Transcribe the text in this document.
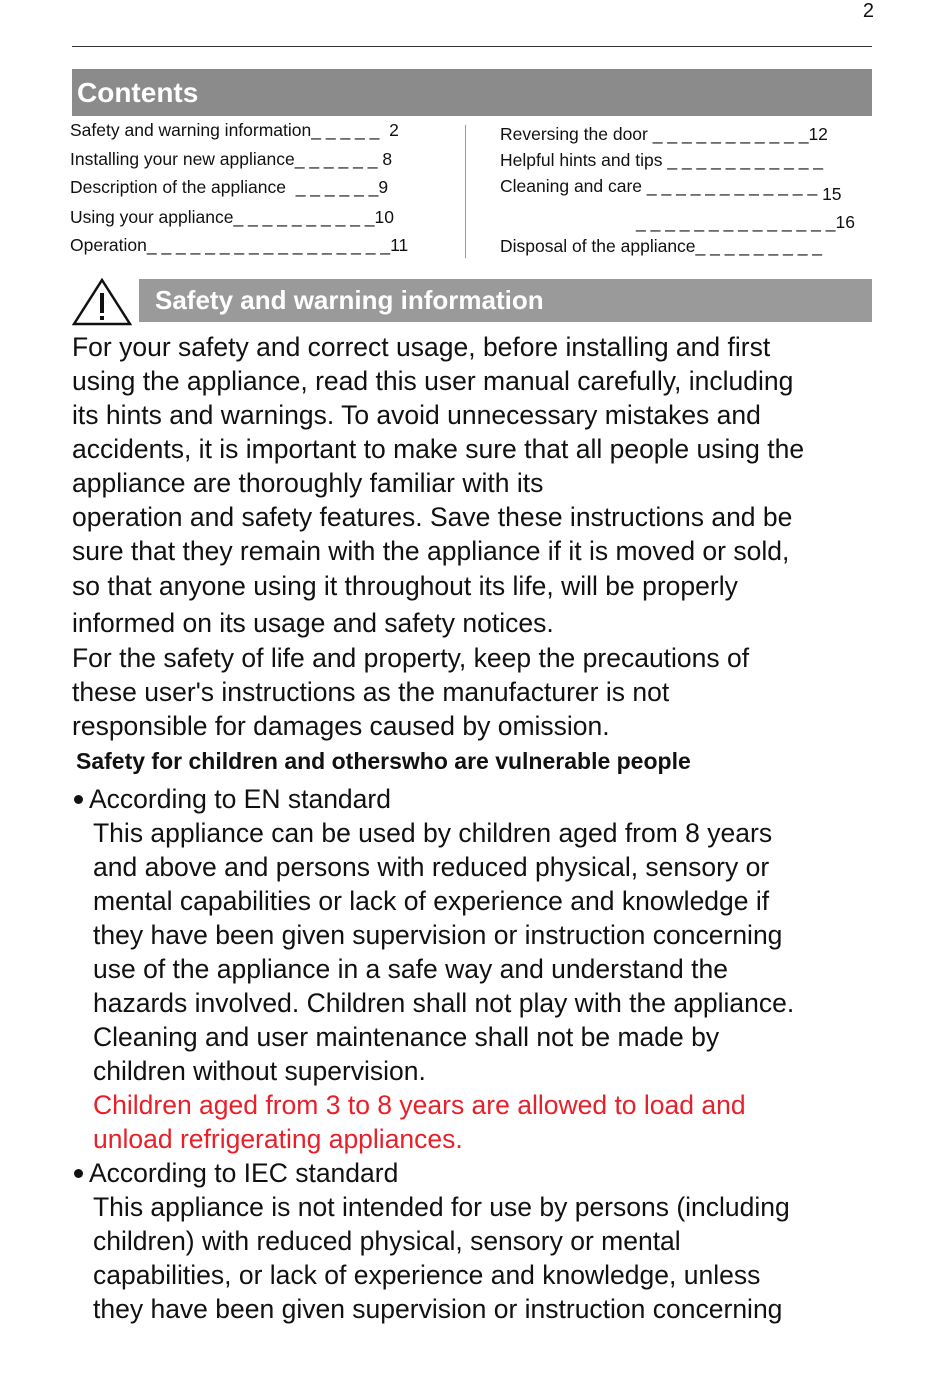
2
Contents
Safety and warning information_ _ _ _ _ 2
Installing your new appliance_ _ _ _ _ _ 8
Description of the appliance _ _ _ _ _ _9
Using your appliance_ _ _ _ _ _ _ _ _ _10
Operation_ _ _ _ _ _ _ _ _ _ _ _ _ _ _ _ _11
Reversing the door _ _ _ _ _ _ _ _ _ _ _12
Helpful hints and tips _ _ _ _ _ _ _ _ _ _ _
Cleaning and care _ _ _ _ _ _ _ _ _ _ _ _ 15
_ _ _ _ _ _ _ _ _ _ _ _ _ _16
Disposal of the appliance_ _ _ _ _ _ _ _ _
Safety and warning information
For your safety and correct usage, before installing and first
using the appliance, read this user manual carefully, including
its hints and warnings. To avoid unnecessary mistakes and
accidents, it is important to make sure that all people using the
appliance are thoroughly familiar with its
operation and safety features. Save these instructions and be
sure that they remain with the appliance if it is moved or sold,
so that anyone using it throughout its life, will be properly
informed on its usage and safety notices.
For the safety of life and property, keep the precautions of
these user's instructions as the manufacturer is not
responsible for damages caused by omission.
Safety for children and otherswho are vulnerable people
According to EN standard
This appliance can be used by children aged from 8 years
and above and persons with reduced physical, sensory or
mental capabilities or lack of experience and knowledge if
they have been given supervision or instruction concerning
use of the appliance in a safe way and understand the
hazards involved. Children shall not play with the appliance.
Cleaning and user maintenance shall not be made by
children without supervision.
Children aged from 3 to 8 years are allowed to load and
unload refrigerating appliances.
According to IEC standard
This appliance is not intended for use by persons (including
children) with reduced physical, sensory or mental
capabilities, or lack of experience and knowledge, unless
they have been given supervision or instruction concerning
